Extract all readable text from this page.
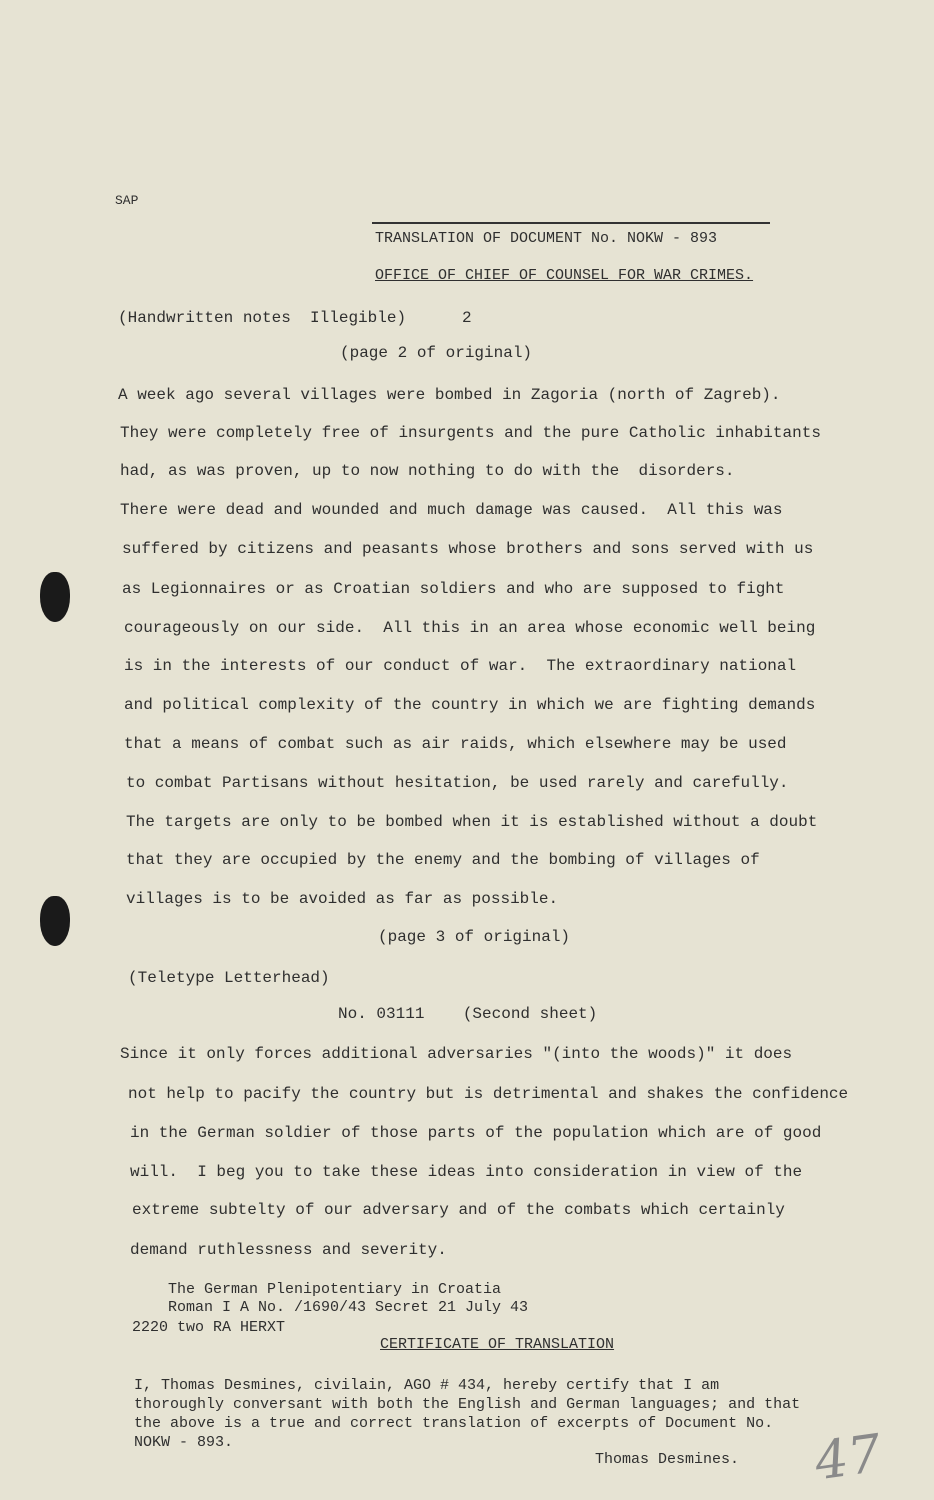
SAP
TRANSLATION OF DOCUMENT No. NOKW - 893
OFFICE OF CHIEF OF COUNSEL FOR WAR CRIMES.
(Handwritten notes  Illegible)	2
(page 2 of original)
A week ago several villages were bombed in Zagoria (north of Zagreb).
They were completely free of insurgents and the pure Catholic inhabitants
had, as was proven, up to now nothing to do with the  disorders.
There were dead and wounded and much damage was caused.  All this was
suffered by citizens and peasants whose brothers and sons served with us
as Legionnaires or as Croatian soldiers and who are supposed to fight
courageously on our side.  All this in an area whose economic well being
is in the interests of our conduct of war.  The extraordinary national
and political complexity of the country in which we are fighting demands
that a means of combat such as air raids, which elsewhere may be used
to combat Partisans without hesitation, be used rarely and carefully.
The targets are only to be bombed when it is established without a doubt
that they are occupied by the enemy and the bombing of villages of
villages is to be avoided as far as possible.
(page 3 of original)
(Teletype Letterhead)
No. 03111    (Second sheet)
Since it only forces additional adversaries "(into the woods)" it does
not help to pacify the country but is detrimental and shakes the confidence
in the German soldier of those parts of the population which are of good
will.  I beg you to take these ideas into consideration in view of the
extreme subtelty of our adversary and of the combats which certainly
demand ruthlessness and severity.
The German Plenipotentiary in Croatia
Roman I A No. /1690/43 Secret 21 July 43
2220 two RA HERXT
CERTIFICATE OF TRANSLATION
I, Thomas Desmines, civilain, AGO # 434, hereby certify that I am
thoroughly conversant with both the English and German languages; and that
the above is a true and correct translation of excerpts of Document No.
NOKW - 893.
Thomas Desmines. 47
